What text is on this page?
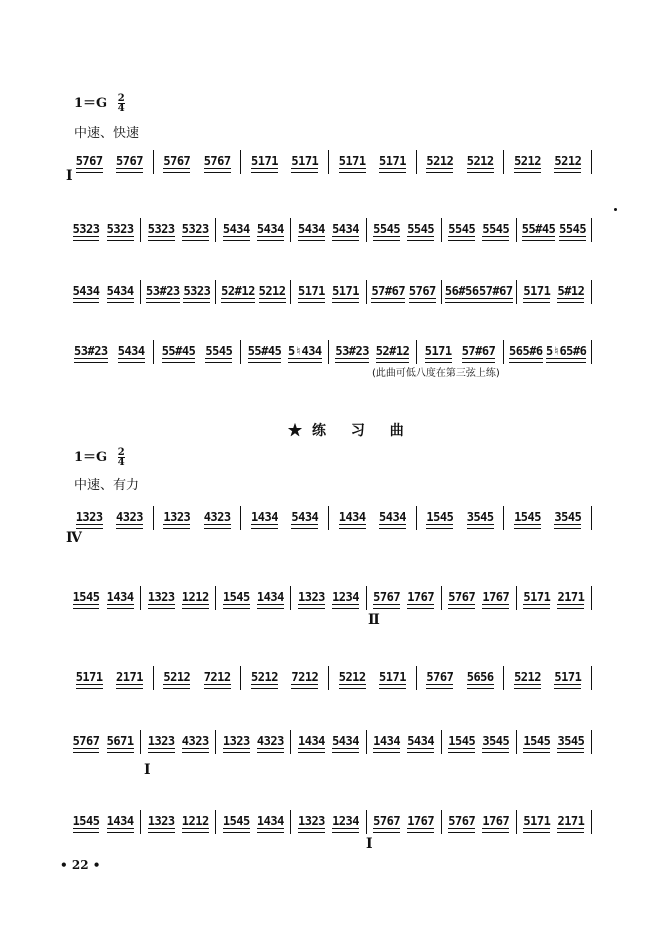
$1=G \frac{2}{4}$
中速、快速
5767 5767 5767 5767 5171 5171 5171 5171 5212 5212 5212 5212
5323 5323 5323 5323 5434 5434 5434 5434 5545 5545 5545 5545 55#45 5545
5434 5434 53#23 5323 52#12 5212 5171 5171 57#67 5767 56#56 57#67 5171 5#12
53#23 5434 55#45 5545 55#45 5♮434 53#23 52#12 5171 57#67 565#6 5♮65#6
I
(此曲可低八度在第三弦上练)
★练 习 曲
$1=G \frac{2}{4}$
中速、有力
1323 4323 1323 4323 1434 5434 1434 5434 1545 3545 1545 3545
1545 1434 1323 1212 1545 1434 1323 1234 5767 1767 5767 1767 5171 2171
5171 2171 5212 7212 5212 7212 5212 5171 5767 5656 5212 5171
5767 5671 1323 4323 1323 4323 1434 5434 1434 5434 1545 3545 1545 3545
1545 1434 1323 1212 1545 1434 1323 1234 5767 1767 5767 1767 5171 2171
Ⅳ
Ⅱ
I
I
• 22 •
